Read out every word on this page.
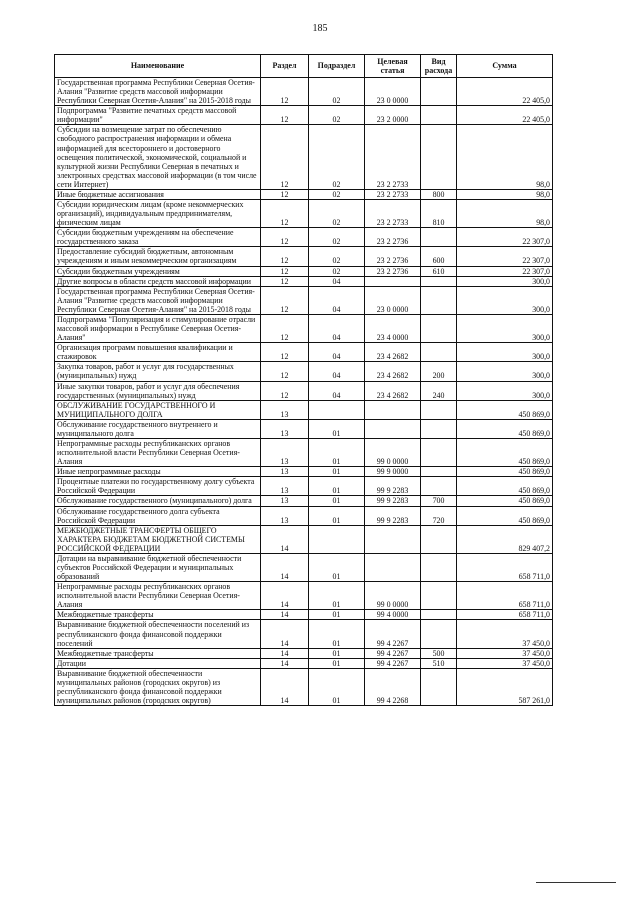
185
Наименование	Раздел	Подраздел	Целевая статья	Вид расхода	Сумма
Государственная программа Республики Северная Осетия-Алания "Развитие средств массовой информации Республики Северная Осетия-Алания" на 2015-2018 годы	12	02	23 0 0000		22 405,0
Подпрограмма "Развитие печатных средств массовой информации"	12	02	23 2 0000		22 405,0
Субсидии на возмещение затрат по обеспечению свободного распространения информации и обмена информацией для всестороннего и достоверного освещения политической, экономической, социальной и культурной жизни Республики Северная в печатных и электронных средствах массовой информации (в том числе сети Интернет)	12	02	23 2 2733		98,0
Иные бюджетные ассигнования	12	02	23 2 2733	800	98,0
Субсидии юридическим лицам (кроме некоммерческих организаций), индивидуальным предпринимателям, физическим лицам	12	02	23 2 2733	810	98,0
Субсидии бюджетным учреждениям на обеспечение государственного заказа	12	02	23 2 2736		22 307,0
Предоставление субсидий бюджетным, автономным учреждениям и иным некоммерческим организациям	12	02	23 2 2736	600	22 307,0
Субсидии бюджетным учреждениям	12	02	23 2 2736	610	22 307,0
Другие вопросы в области средств массовой информации	12	04			300,0
Государственная программа Республики Северная Осетия-Алания "Развитие средств массовой информации Республики Северная Осетия-Алания" на 2015-2018 годы	12	04	23 0 0000		300,0
Подпрограмма "Популяризация и стимулирование отрасли массовой информации в Республике Северная Осетия-Алания"	12	04	23 4 0000		300,0
Организация программ повышения квалификации и стажировок	12	04	23 4 2682		300,0
Закупка товаров, работ и услуг для государственных (муниципальных) нужд	12	04	23 4 2682	200	300,0
Иные закупки товаров, работ и услуг для обеспечения государственных (муниципальных) нужд	12	04	23 4 2682	240	300,0
ОБСЛУЖИВАНИЕ ГОСУДАРСТВЕННОГО И МУНИЦИПАЛЬНОГО ДОЛГА	13				450 869,0
Обслуживание государственного внутреннего и муниципального долга	13	01			450 869,0
Непрограммные расходы республиканских органов исполнительной власти Республики Северная Осетия-Алания	13	01	99 0 0000		450 869,0
Иные непрограммные расходы	13	01	99 9 0000		450 869,0
Процентные платежи по государственному долгу субъекта Российской Федерации	13	01	99 9 2283		450 869,0
Обслуживание государственного (муниципального) долга	13	01	99 9 2283	700	450 869,0
Обслуживание государственного долга субъекта Российской Федерации	13	01	99 9 2283	720	450 869,0
МЕЖБЮДЖЕТНЫЕ ТРАНСФЕРТЫ ОБЩЕГО ХАРАКТЕРА БЮДЖЕТАМ БЮДЖЕТНОЙ СИСТЕМЫ РОССИЙСКОЙ ФЕДЕРАЦИИ	14				829 407,2
Дотации на выравнивание бюджетной обеспеченности субъектов Российской Федерации и муниципальных образований	14	01			658 711,0
Непрограммные расходы республиканских органов исполнительной власти Республики Северная Осетия-Алания	14	01	99 0 0000		658 711,0
Межбюджетные трансферты	14	01	99 4 0000		658 711,0
Выравнивание бюджетной обеспеченности поселений из республиканского фонда финансовой поддержки поселений	14	01	99 4 2267		37 450,0
Межбюджетные трансферты	14	01	99 4 2267	500	37 450,0
Дотации	14	01	99 4 2267	510	37 450,0
Выравнивание бюджетной обеспеченности муниципальных районов (городских округов) из республиканского фонда финансовой поддержки муниципальных районов (городских округов)	14	01	99 4 2268		587 261,0
